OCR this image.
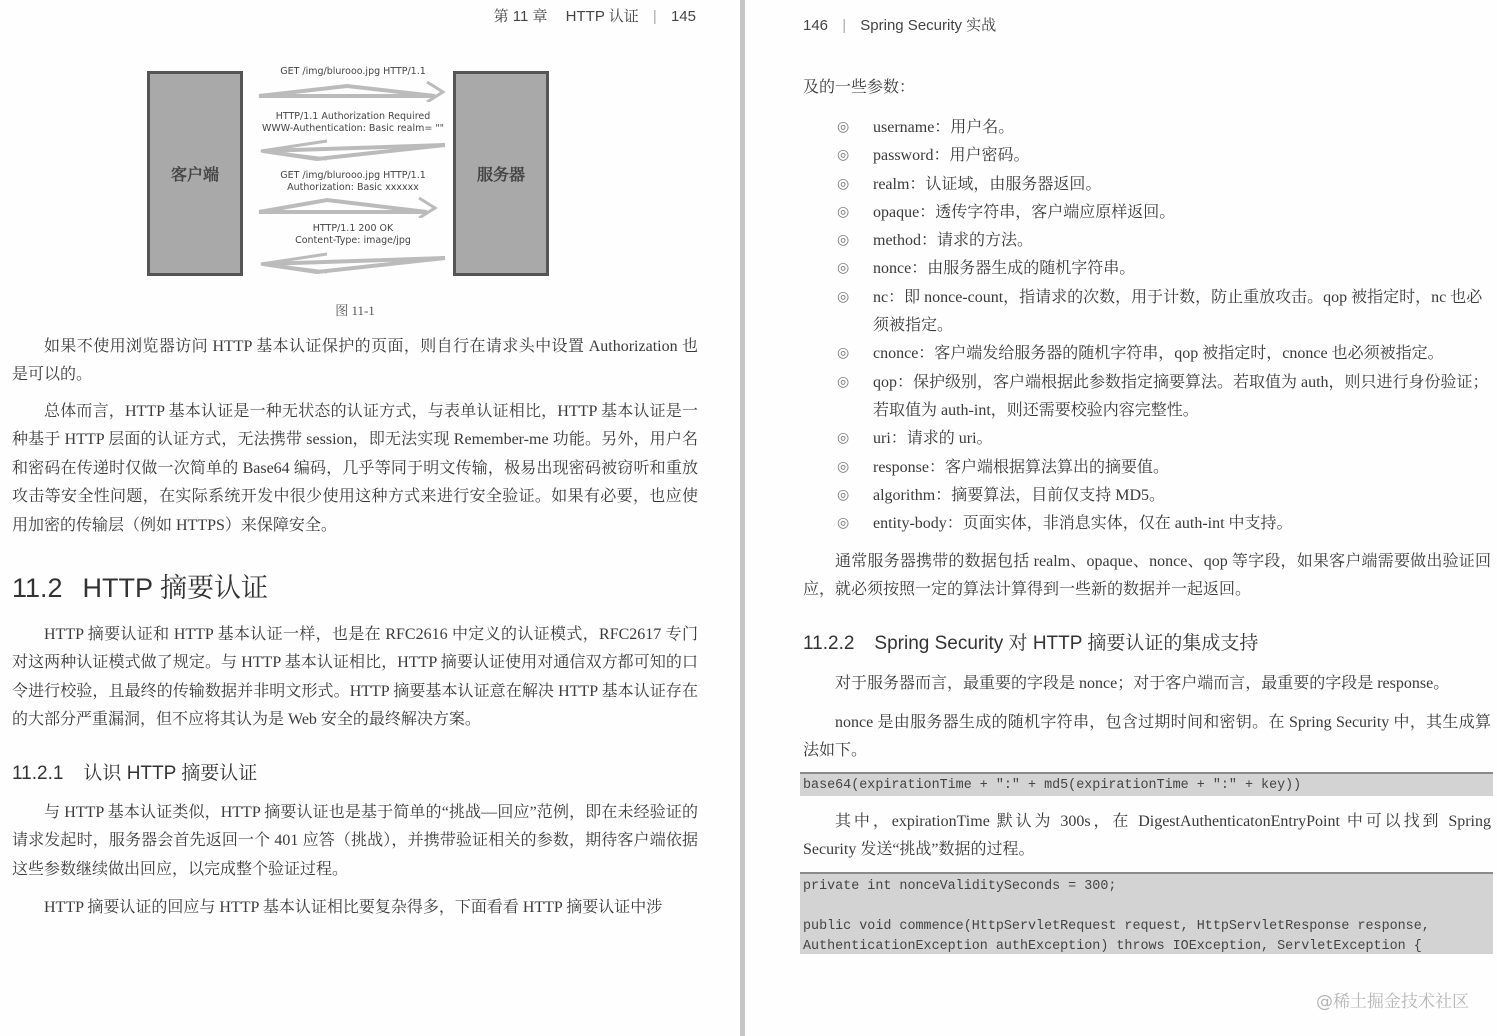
第 11 章 HTTP 认证 | 145
客户端	服务器
GET /img/blurooo.jpg HTTP/1.1
HTTP/1.1 Authorization Required
WWW-Authentication: Basic realm= ""
GET /img/blurooo.jpg HTTP/1.1
Authorization: Basic xxxxxx
HTTP/1.1 200 OK
Content-Type: image/jpg
图 11-1
如果不使用浏览器访问 HTTP 基本认证保护的页面，则自行在请求头中设置 Authorization 也是可以的。
总体而言，HTTP 基本认证是一种无状态的认证方式，与表单认证相比，HTTP 基本认证是一种基于 HTTP 层面的认证方式，无法携带 session，即无法实现 Remember-me 功能。另外，用户名和密码在传递时仅做一次简单的 Base64 编码，几乎等同于明文传输，极易出现密码被窃听和重放攻击等安全性问题，在实际系统开发中很少使用这种方式来进行安全验证。如果有必要，也应使用加密的传输层（例如 HTTPS）来保障安全。
11.2 HTTP 摘要认证
HTTP 摘要认证和 HTTP 基本认证一样，也是在 RFC2616 中定义的认证模式，RFC2617 专门对这两种认证模式做了规定。与 HTTP 基本认证相比，HTTP 摘要认证使用对通信双方都可知的口令进行校验，且最终的传输数据并非明文形式。HTTP 摘要基本认证意在解决 HTTP 基本认证存在的大部分严重漏洞，但不应将其认为是 Web 安全的最终解决方案。
11.2.1 认识 HTTP 摘要认证
与 HTTP 基本认证类似，HTTP 摘要认证也是基于简单的“挑战—回应”范例，即在未经验证的请求发起时，服务器会首先返回一个 401 应答（挑战），并携带验证相关的参数，期待客户端依据这些参数继续做出回应，以完成整个验证过程。
HTTP 摘要认证的回应与 HTTP 基本认证相比要复杂得多，下面看看 HTTP 摘要认证中涉
146 | Spring Security 实战
及的一些参数：
◎ username：用户名。
◎ password：用户密码。
◎ realm：认证域，由服务器返回。
◎ opaque：透传字符串，客户端应原样返回。
◎ method：请求的方法。
◎ nonce：由服务器生成的随机字符串。
◎ nc：即 nonce-count，指请求的次数，用于计数，防止重放攻击。qop 被指定时，nc 也必须被指定。
◎ cnonce：客户端发给服务器的随机字符串，qop 被指定时，cnonce 也必须被指定。
◎ qop：保护级别，客户端根据此参数指定摘要算法。若取值为 auth，则只进行身份验证；若取值为 auth-int，则还需要校验内容完整性。
◎ uri：请求的 uri。
◎ response：客户端根据算法算出的摘要值。
◎ algorithm：摘要算法，目前仅支持 MD5。
◎ entity-body：页面实体，非消息实体，仅在 auth-int 中支持。
通常服务器携带的数据包括 realm、opaque、nonce、qop 等字段，如果客户端需要做出验证回应，就必须按照一定的算法计算得到一些新的数据并一起返回。
11.2.2 Spring Security 对 HTTP 摘要认证的集成支持
对于服务器而言，最重要的字段是 nonce；对于客户端而言，最重要的字段是 response。
nonce 是由服务器生成的随机字符串，包含过期时间和密钥。在 Spring Security 中，其生成算法如下。
base64(expirationTime + ":" + md5(expirationTime + ":" + key))
其中，expirationTime 默认为 300s，在 DigestAuthenticatonEntryPoint 中可以找到 Spring Security 发送“挑战”数据的过程。
private int nonceValiditySeconds = 300;
public void commence(HttpServletRequest request, HttpServletResponse response,
AuthenticationException authException) throws IOException, ServletException {
@稀土掘金技术社区
